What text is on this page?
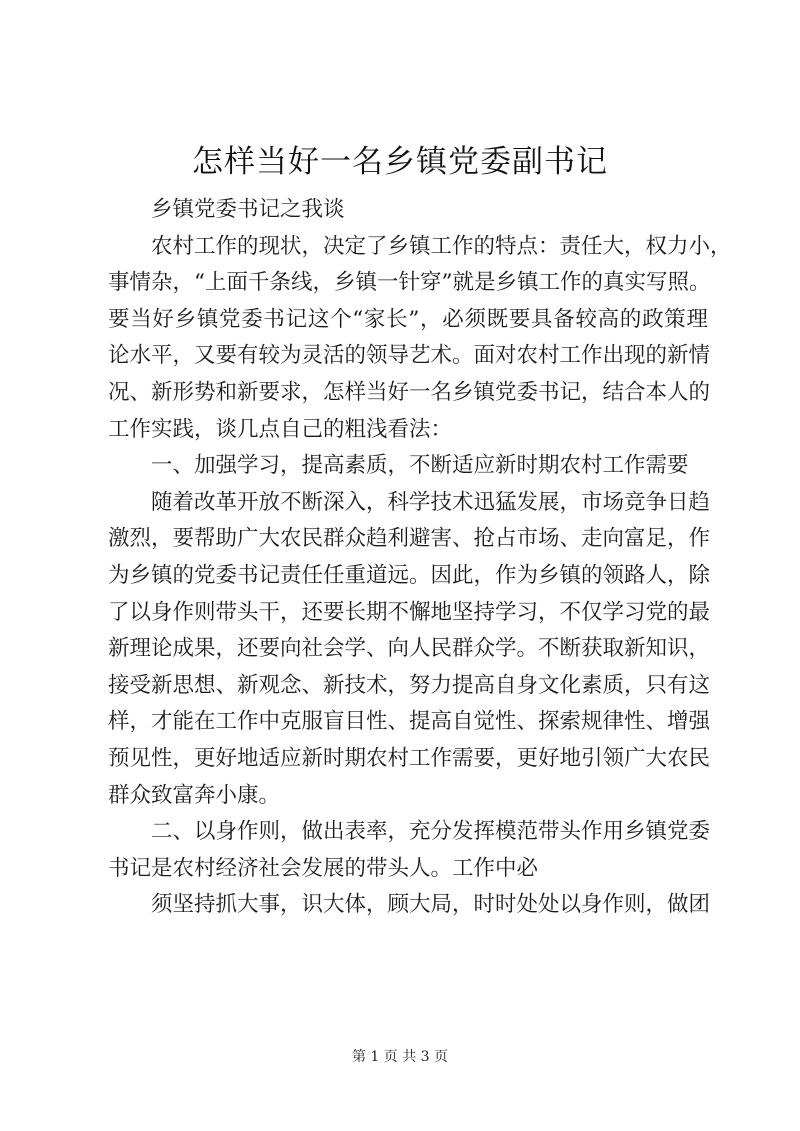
怎样当好一名乡镇党委副书记
乡镇党委书记之我谈
农村工作的现状，决定了乡镇工作的特点：责任大，权力小，
事情杂，“上面千条线，乡镇一针穿”就是乡镇工作的真实写照。
要当好乡镇党委书记这个“家长”，必须既要具备较高的政策理
论水平，又要有较为灵活的领导艺术。面对农村工作出现的新情
况、新形势和新要求，怎样当好一名乡镇党委书记，结合本人的
工作实践，谈几点自己的粗浅看法：
一、加强学习，提高素质，不断适应新时期农村工作需要
随着改革开放不断深入，科学技术迅猛发展，市场竞争日趋
激烈，要帮助广大农民群众趋利避害、抢占市场、走向富足，作
为乡镇的党委书记责任任重道远。因此，作为乡镇的领路人，除
了以身作则带头干，还要长期不懈地坚持学习，不仅学习党的最
新理论成果，还要向社会学、向人民群众学。不断获取新知识，
接受新思想、新观念、新技术，努力提高自身文化素质，只有这
样，才能在工作中克服盲目性、提高自觉性、探索规律性、增强
预见性，更好地适应新时期农村工作需要，更好地引领广大农民
群众致富奔小康。
二、以身作则，做出表率，充分发挥模范带头作用乡镇党委
书记是农村经济社会发展的带头人。工作中必
须坚持抓大事，识大体，顾大局，时时处处以身作则，做团
第 1 页 共 3 页
